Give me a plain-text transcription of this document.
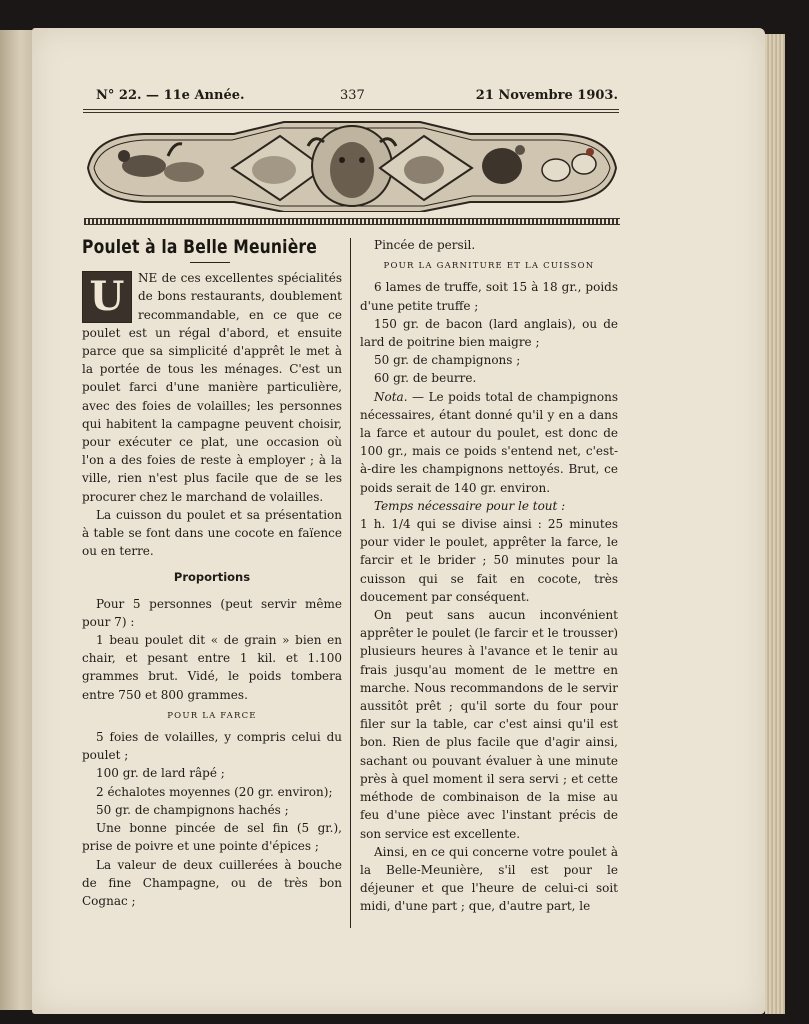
N° 22. — 11e Année.	337	21 Novembre 1903.
Poulet à la Belle Meunière

U	NE de ces excellentes spécialités de bons restaurants, doublement recommandable, en ce que ce poulet est un régal d'abord, et ensuite parce que sa simplicité d'apprêt le met à la portée de tous les ménages. C'est un poulet farci d'une manière particulière, avec des foies de volailles; les personnes qui habitent la campagne peuvent choisir, pour exécuter ce plat, une occasion où l'on a des foies de reste à employer ; à la ville, rien n'est plus facile que de se les procurer chez le marchand de volailles.

La cuisson du poulet et sa présentation à table se font dans une cocote en faïence ou en terre.

Proportions

Pour 5 personnes (peut servir même pour 7) :

1 beau poulet dit « de grain » bien en chair, et pesant entre 1 kil. et 1.100 grammes brut. Vidé, le poids tombera entre 750 et 800 grammes.

POUR LA FARCE

5 foies de volailles, y compris celui du poulet ;

100 gr. de lard râpé ;

2 échalotes moyennes (20 gr. environ);

50 gr. de champignons hachés ;

Une bonne pincée de sel fin (5 gr.), prise de poivre et une pointe d'épices ;

La valeur de deux cuillerées à bouche de fine Champagne, ou de très bon Cognac ;

Pincée de persil.

POUR LA GARNITURE ET LA CUISSON

6 lames de truffe, soit 15 à 18 gr., poids d'une petite truffe ;

150 gr. de bacon (lard anglais), ou de lard de poitrine bien maigre ;

50 gr. de champignons ;

60 gr. de beurre.

Nota. — Le poids total de champignons nécessaires, étant donné qu'il y en a dans la farce et autour du poulet, est donc de 100 gr., mais ce poids s'entend net, c'est-à-dire les champignons nettoyés. Brut, ce poids serait de 140 gr. environ.

Temps nécessaire pour le tout :

1 h. 1/4 qui se divise ainsi : 25 minutes pour vider le poulet, apprêter la farce, le farcir et le brider ; 50 minutes pour la cuisson qui se fait en cocote, très doucement par conséquent.

On peut sans aucun inconvénient apprêter le poulet (le farcir et le trousser) plusieurs heures à l'avance et le tenir au frais jusqu'au moment de le mettre en marche. Nous recommandons de le servir aussitôt prêt ; qu'il sorte du four pour filer sur la table, car c'est ainsi qu'il est bon. Rien de plus facile que d'agir ainsi, sachant ou pouvant évaluer à une minute près à quel moment il sera servi ; et cette méthode de combinaison de la mise au feu d'une pièce avec l'instant précis de son service est excellente.

Ainsi, en ce qui concerne votre poulet à la Belle-Meunière, s'il est pour le déjeuner et que l'heure de celui-ci soit midi, d'une part ; que, d'autre part, le
